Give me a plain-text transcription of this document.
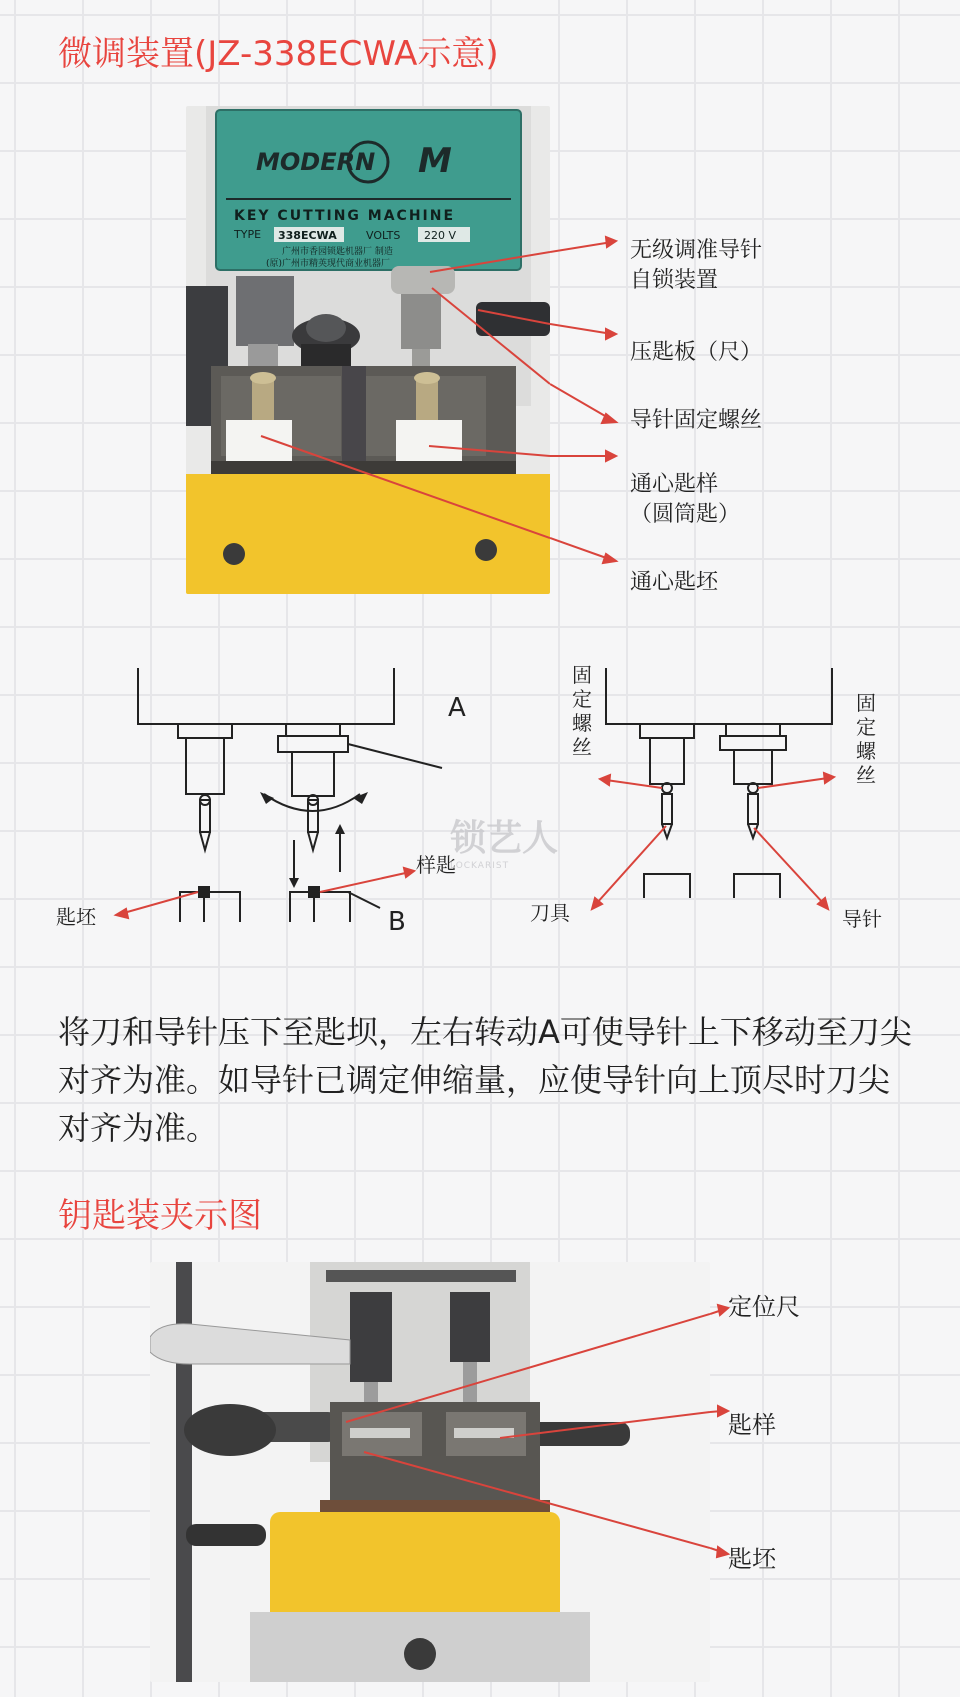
微调装置(JZ-338ECWA示意)
MODERN M
KEY CUTTING MACHINE
TYPE 338ECWA	VOLTS 220 V
广州市香园锁匙机器厂 制造
(原)广州市精英现代商业机器厂
无级调准导针
自锁装置
压匙板（尺）
导针固定螺丝
通心匙样
（圆筒匙）
通心匙坯
A
B
样匙
匙坯
固定螺丝
固定螺丝
刀具	导针
将刀和导针压下至匙坝，左右转动A可使导针上下移动至刀尖对齐为准。如导针已调定伸缩量，应使导针向上顶尽时刀尖对齐为准。
钥匙装夹示图
定位尺
匙样
匙坯
锁艺人
LOCKARIST
